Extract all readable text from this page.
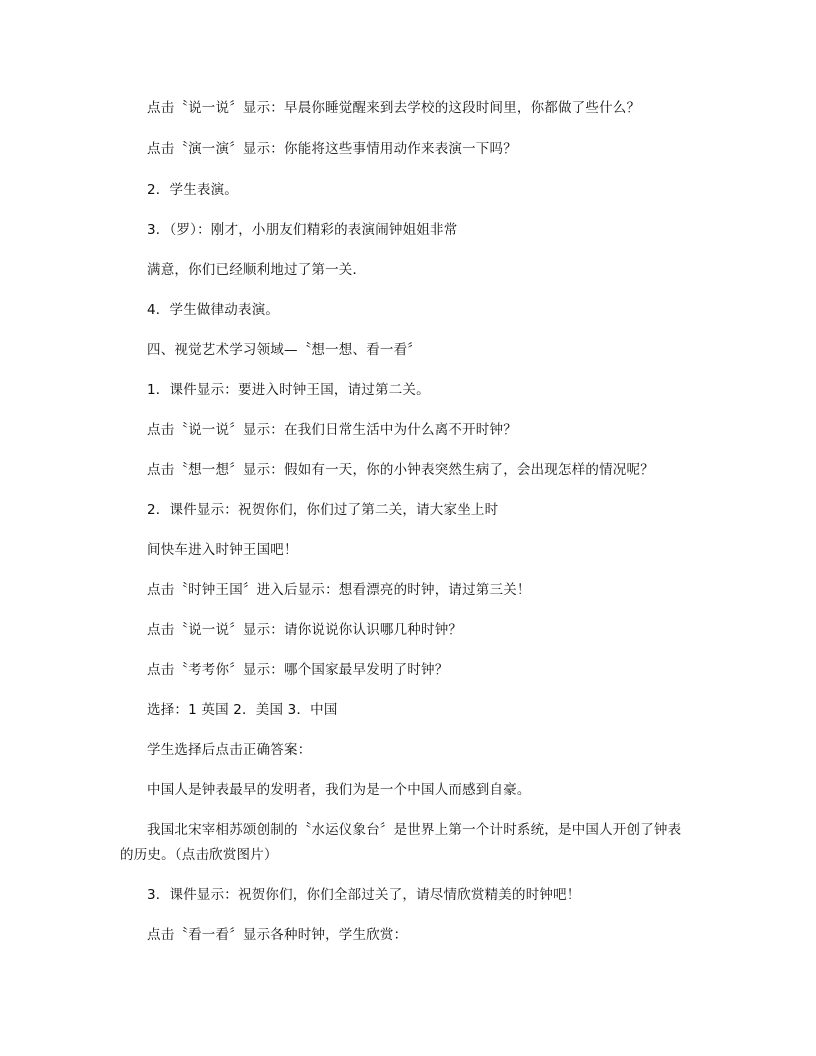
点击〝说一说〞显示：早晨你睡觉醒来到去学校的这段时间里，你都做了些什么？
点击〝演一演〞显示：你能将这些事情用动作来表演一下吗？
2．学生表演。
3．（罗）：刚才，小朋友们精彩的表演闹钟姐姐非常
满意，你们已经顺利地过了第一关．
4．学生做律动表演。
四、视觉艺术学习领域—〝想一想、看一看〞
1．课件显示：要进入时钟王国，请过第二关。
点击〝说一说〞显示：在我们日常生活中为什么离不开时钟？
点击〝想一想〞显示：假如有一天，你的小钟表突然生病了，会出现怎样的情况呢？
2．课件显示：祝贺你们，你们过了第二关，请大家坐上时
间快车进入时钟王国吧！
点击〝时钟王国〞进入后显示：想看漂亮的时钟，请过第三关！
点击〝说一说〞显示：请你说说你认识哪几种时钟？
点击〝考考你〞显示：哪个国家最早发明了时钟？
选择：1 英国 2．美国 3．中国
学生选择后点击正确答案：
中国人是钟表最早的发明者，我们为是一个中国人而感到自豪。
我国北宋宰相苏颂创制的〝水运仪象台〞是世界上第一个计时系统，是中国人开创了钟表
的历史。（点击欣赏图片）
3．课件显示：祝贺你们，你们全部过关了，请尽情欣赏精美的时钟吧！
点击〝看一看〞显示各种时钟，学生欣赏：
